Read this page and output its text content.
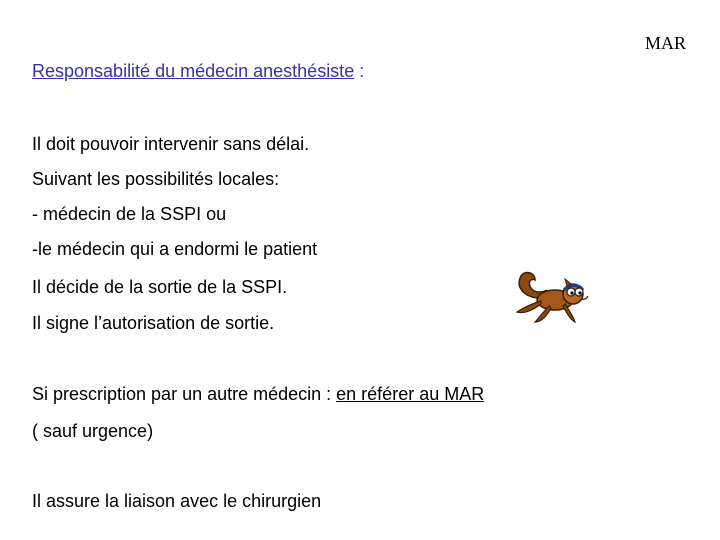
MAR
Responsabilité du médecin anesthésiste :
Il doit pouvoir intervenir sans délai.
Suivant les possibilités locales:
- médecin de la SSPI ou
-le médecin qui a endormi le patient
Il décide de la sortie de la SSPI.
Il signe l’autorisation de sortie.
Si prescription par un autre médecin : en référer au MAR
( sauf urgence)
Il assure la liaison avec le chirurgien
